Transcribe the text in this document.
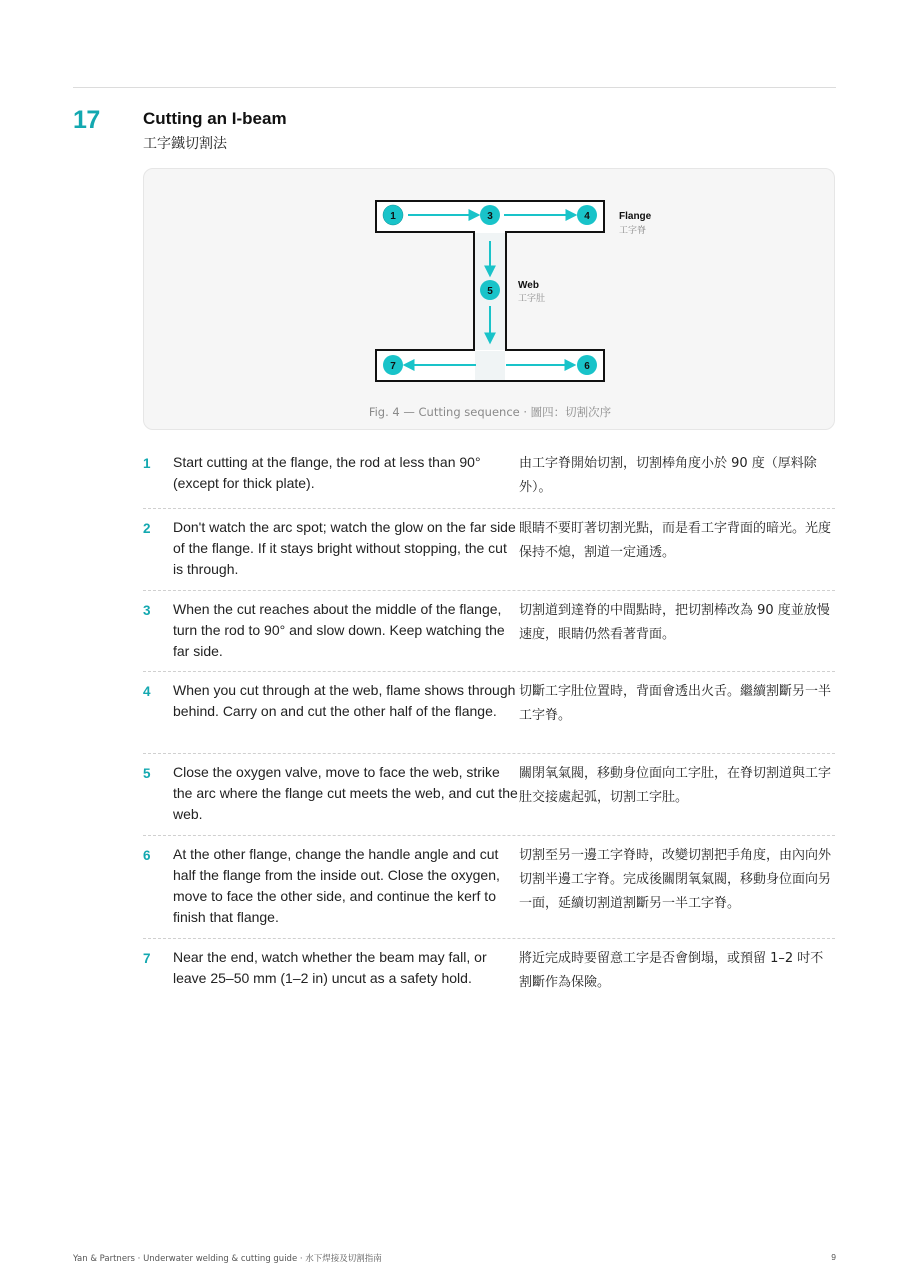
17	Cutting an I-beam
工字鐵切割法
1	3	4
5
7	6
Flange
工字脊
Web
工字肚
Fig. 4 — Cutting sequence · 圖四：切割次序
1	Start cutting at the flange, the rod at less than 90° (except for thick plate).
由工字脊開始切割，切割棒角度小於 90 度（厚料除外）。
2	Don't watch the arc spot; watch the glow on the far side of the flange. If it stays bright without stopping, the cut is through.
眼睛不要盯著切割光點，而是看工字背面的暗光。光度保持不熄，割道一定通透。
3	When the cut reaches about the middle of the flange, turn the rod to 90° and slow down. Keep watching the far side.
切割道到達脊的中間點時，把切割棒改為 90 度並放慢速度，眼睛仍然看著背面。
4	When you cut through at the web, flame shows through behind. Carry on and cut the other half of the flange.
切斷工字肚位置時，背面會透出火舌。繼續割斷另一半工字脊。
5	Close the oxygen valve, move to face the web, strike the arc where the flange cut meets the web, and cut the web.
關閉氧氣閥，移動身位面向工字肚，在脊切割道與工字肚交接處起弧，切割工字肚。
6	At the other flange, change the handle angle and cut half the flange from the inside out. Close the oxygen, move to face the other side, and continue the kerf to finish that flange.
切割至另一邊工字脊時，改變切割把手角度，由內向外切割半邊工字脊。完成後關閉氧氣閥，移動身位面向另一面，延續切割道割斷另一半工字脊。
7	Near the end, watch whether the beam may fall, or leave 25–50 mm (1–2 in) uncut as a safety hold.
將近完成時要留意工字是否會倒塌，或預留 1–2 吋不割斷作為保險。
Yan & Partners · Underwater welding & cutting guide · 水下焊接及切割指南	9
